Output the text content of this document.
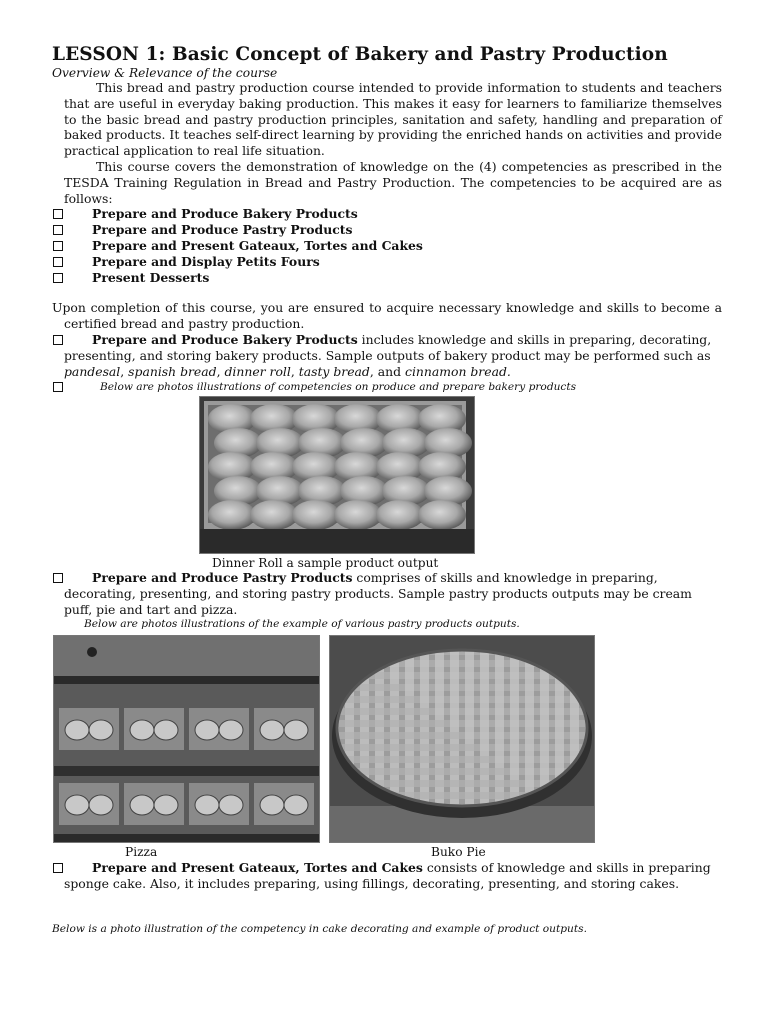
LESSON 1: Basic Concept of Bakery and Pastry Production
Overview & Relevance of the course

This bread and pastry production course intended to provide information to students and teachers that are useful in everyday baking production. This makes it easy for learners to familiarize themselves to the basic bread and pastry production principles, sanitation and safety, handling and preparation of baked products. It teaches self-direct learning by providing the enriched hands on activities and provide practical application to real life situation.

This course covers the demonstration of knowledge on the (4) competencies as prescribed in the TESDA Training Regulation in Bread and Pastry Production. The competencies to be acquired are as follows:

Prepare and Produce Bakery Products
Prepare and Produce Pastry Products
Prepare and Present Gateaux, Tortes and Cakes
Prepare and Display Petits Fours
Present Desserts

Upon completion of this course, you are ensured to acquire necessary knowledge and skills to become a certified bread and pastry production.

Prepare and Produce Bakery Products includes knowledge and skills in preparing, decorating, presenting, and storing bakery products. Sample outputs of bakery product may be performed such as pandesal, spanish bread, dinner roll, tasty bread, and cinnamon bread.

Below are photos illustrations of competencies on produce and prepare bakery products
Dinner Roll a sample product output

Prepare and Produce Pastry Products comprises of skills and knowledge in preparing, decorating, presenting, and storing pastry products. Sample pastry products outputs may be cream puff, pie and tart and pizza.

Below are photos illustrations of the example of various pastry products outputs.
Pizza	Buko Pie

Prepare and Present Gateaux, Tortes and Cakes consists of knowledge and skills in preparing sponge cake. Also, it includes preparing, using fillings, decorating, presenting, and storing cakes.

Below is a photo illustration of the competency in cake decorating and example of product outputs.
